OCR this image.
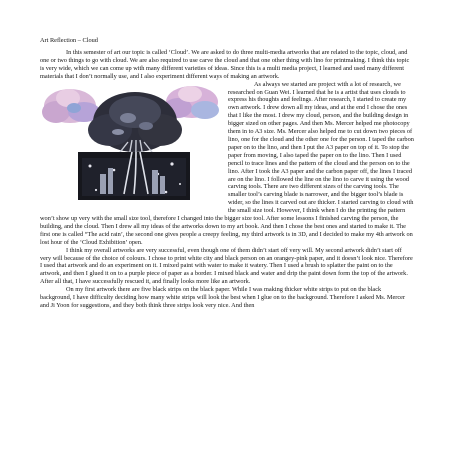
Art Reflection – Cloud

In this semester of art our topic is called ‘Cloud’. We are asked to do three multi-media artworks that are related to the topic, cloud, and one or two things to go with cloud. We are also required to use carve the cloud and that one other thing with lino for printmaking. I think this topic is very wide, which we can come up with many different varieties of ideas. Since this is a multi media project, I learned and used many different materials that I don’t normally use, and I also experiment different ways of making an artwork.

As always we started are project with a lot of research, we researched on Guan Wei. I learned that he is a artist that uses clouds to express his thoughts and feelings. After research, I started to create my own artwork. I drew down all my ideas, and at the end I chose the ones that I like the most. I drew my cloud, person, and the building design in bigger sized on other pages. And then Ms. Mercer helped me photocopy them in to A3 size. Ms. Mercer also helped me to cut down two pieces of lino, one for the cloud and the other one for the person. I taped the carbon paper on to the lino, and then I put the A3 paper on top of it. To stop the paper from moving, I also taped the paper on to the lino. Then I used pencil to trace lines and the pattern of the cloud and the person on to the lino. After I took the A3 paper and the carbon paper off, the lines I traced are on the lino. I followed the line on the lino to carve it using the wood carving tools. There are two different sizes of the carving tools. The smaller tool’s carving blade is narrower, and the bigger tool’s blade is wider, so the lines it carved out are thicker. I started carving to cloud with the small size tool. However, I think when I do the printing the pattern won’t show up very with the small size tool, therefore I changed into the bigger size tool. After some lessons I finished carving the person, the building, and the cloud. Then I drew all my ideas of the artworks down to my art book. And then I chose the best ones and started to make it. The first one is called “The acid rain’, the second one gives people a creepy feeling, my third artwork is in 3D, and I decided to make my 4th artwork on lost hour of the ‘Cloud Exhibition’ open.

I think my overall artworks are very successful, even though one of them didn’t start off very will. My second artwork didn’t start off very will because of the choice of colours. I chose to print white city and black person on an orangey-pink paper, and it doesn’t look nice. Therefore I used that artwork and do an experiment on it. I mixed paint with water to make it watery. Then I used a brush to splatter the paint on to the artwork, and then I glued it on to a purple piece of paper as a border. I mixed black and water and drip the paint down form the top of the artwork. After all that, I have successfully rescued it, and finally looks more like an artwork.

On my first artwork there are five black strips on the black paper. While I was making thicker white strips to put on the black background, I have difficulty deciding how many white strips will look the best when I glue on to the background. Therefore I asked Ms. Mercer and Ji Yoon for suggestions, and they both think three strips look very nice. And then
